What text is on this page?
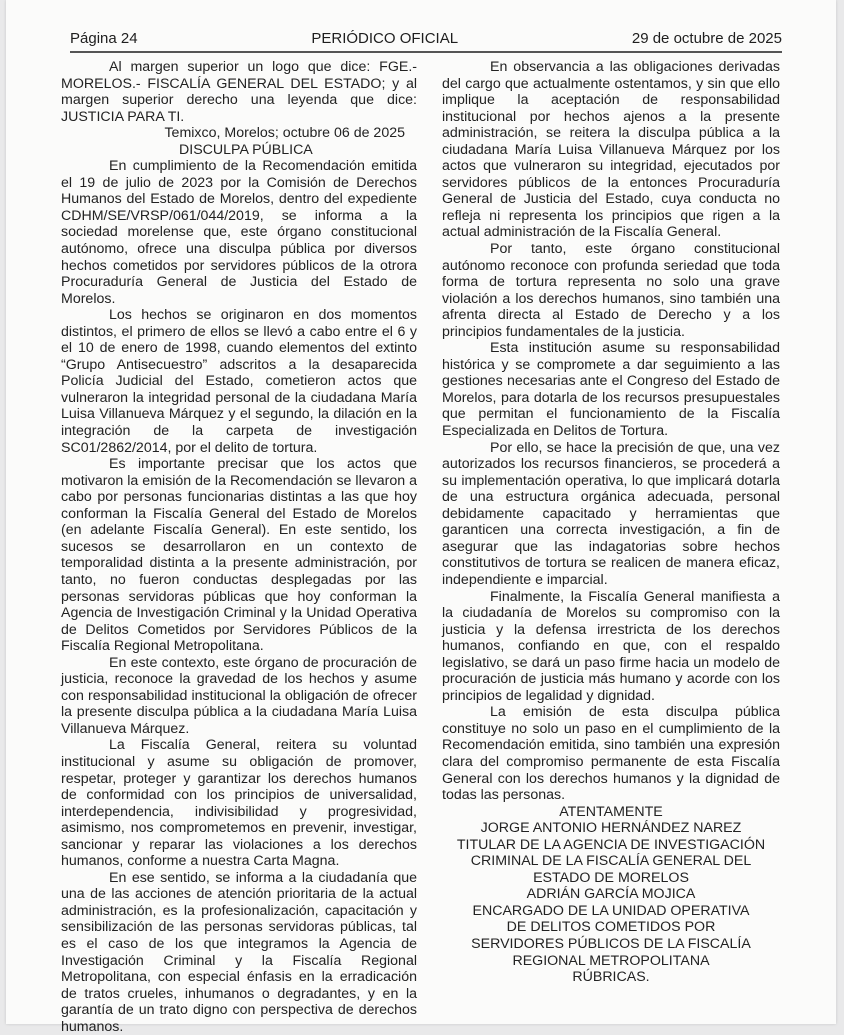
Página 24	PERIÓDICO OFICIAL	29 de octubre de 2025

Al margen superior un logo que dice: FGE.-MORELOS.- FISCALÍA GENERAL DEL ESTADO; y al margen superior derecho una leyenda que dice: JUSTICIA PARA TI.

Temixco, Morelos; octubre 06 de 2025

DISCULPA PÚBLICA

En cumplimiento de la Recomendación emitida el 19 de julio de 2023 por la Comisión de Derechos Humanos del Estado de Morelos, dentro del expediente CDHM/SE/VRSP/061/044/2019, se informa a la sociedad morelense que, este órgano constitucional autónomo, ofrece una disculpa pública por diversos hechos cometidos por servidores públicos de la otrora Procuraduría General de Justicia del Estado de Morelos.

Los hechos se originaron en dos momentos distintos, el primero de ellos se llevó a cabo entre el 6 y el 10 de enero de 1998, cuando elementos del extinto “Grupo Antisecuestro” adscritos a la desaparecida Policía Judicial del Estado, cometieron actos que vulneraron la integridad personal de la ciudadana María Luisa Villanueva Márquez y el segundo, la dilación en la integración de la carpeta de investigación SC01/2862/2014, por el delito de tortura.

Es importante precisar que los actos que motivaron la emisión de la Recomendación se llevaron a cabo por personas funcionarias distintas a las que hoy conforman la Fiscalía General del Estado de Morelos (en adelante Fiscalía General). En este sentido, los sucesos se desarrollaron en un contexto de temporalidad distinta a la presente administración, por tanto, no fueron conductas desplegadas por las personas servidoras públicas que hoy conforman la Agencia de Investigación Criminal y la Unidad Operativa de Delitos Cometidos por Servidores Públicos de la Fiscalía Regional Metropolitana.

En este contexto, este órgano de procuración de justicia, reconoce la gravedad de los hechos y asume con responsabilidad institucional la obligación de ofrecer la presente disculpa pública a la ciudadana María Luisa Villanueva Márquez.

La Fiscalía General, reitera su voluntad institucional y asume su obligación de promover, respetar, proteger y garantizar los derechos humanos de conformidad con los principios de universalidad, interdependencia, indivisibilidad y progresividad, asimismo, nos comprometemos en prevenir, investigar, sancionar y reparar las violaciones a los derechos humanos, conforme a nuestra Carta Magna.

En ese sentido, se informa a la ciudadanía que una de las acciones de atención prioritaria de la actual administración, es la profesionalización, capacitación y sensibilización de las personas servidoras públicas, tal es el caso de los que integramos la Agencia de Investigación Criminal y la Fiscalía Regional Metropolitana, con especial énfasis en la erradicación de tratos crueles, inhumanos o degradantes, y en la garantía de un trato digno con perspectiva de derechos humanos.

En observancia a las obligaciones derivadas del cargo que actualmente ostentamos, y sin que ello implique la aceptación de responsabilidad institucional por hechos ajenos a la presente administración, se reitera la disculpa pública a la ciudadana María Luisa Villanueva Márquez por los actos que vulneraron su integridad, ejecutados por servidores públicos de la entonces Procuraduría General de Justicia del Estado, cuya conducta no refleja ni representa los principios que rigen a la actual administración de la Fiscalía General.

Por tanto, este órgano constitucional autónomo reconoce con profunda seriedad que toda forma de tortura representa no solo una grave violación a los derechos humanos, sino también una afrenta directa al Estado de Derecho y a los principios fundamentales de la justicia.

Esta institución asume su responsabilidad histórica y se compromete a dar seguimiento a las gestiones necesarias ante el Congreso del Estado de Morelos, para dotarla de los recursos presupuestales que permitan el funcionamiento de la Fiscalía Especializada en Delitos de Tortura.

Por ello, se hace la precisión de que, una vez autorizados los recursos financieros, se procederá a su implementación operativa, lo que implicará dotarla de una estructura orgánica adecuada, personal debidamente capacitado y herramientas que garanticen una correcta investigación, a fin de asegurar que las indagatorias sobre hechos constitutivos de tortura se realicen de manera eficaz, independiente e imparcial.

Finalmente, la Fiscalía General manifiesta a la ciudadanía de Morelos su compromiso con la justicia y la defensa irrestricta de los derechos humanos, confiando en que, con el respaldo legislativo, se dará un paso firme hacia un modelo de procuración de justicia más humano y acorde con los principios de legalidad y dignidad.

La emisión de esta disculpa pública constituye no solo un paso en el cumplimiento de la Recomendación emitida, sino también una expresión clara del compromiso permanente de esta Fiscalía General con los derechos humanos y la dignidad de todas las personas.

ATENTAMENTE

JORGE ANTONIO HERNÁNDEZ NAREZ

TITULAR DE LA AGENCIA DE INVESTIGACIÓN CRIMINAL DE LA FISCALÍA GENERAL DEL ESTADO DE MORELOS

ADRIÁN GARCÍA MOJICA

ENCARGADO DE LA UNIDAD OPERATIVA DE DELITOS COMETIDOS POR SERVIDORES PÚBLICOS DE LA FISCALÍA REGIONAL METROPOLITANA

RÚBRICAS.
